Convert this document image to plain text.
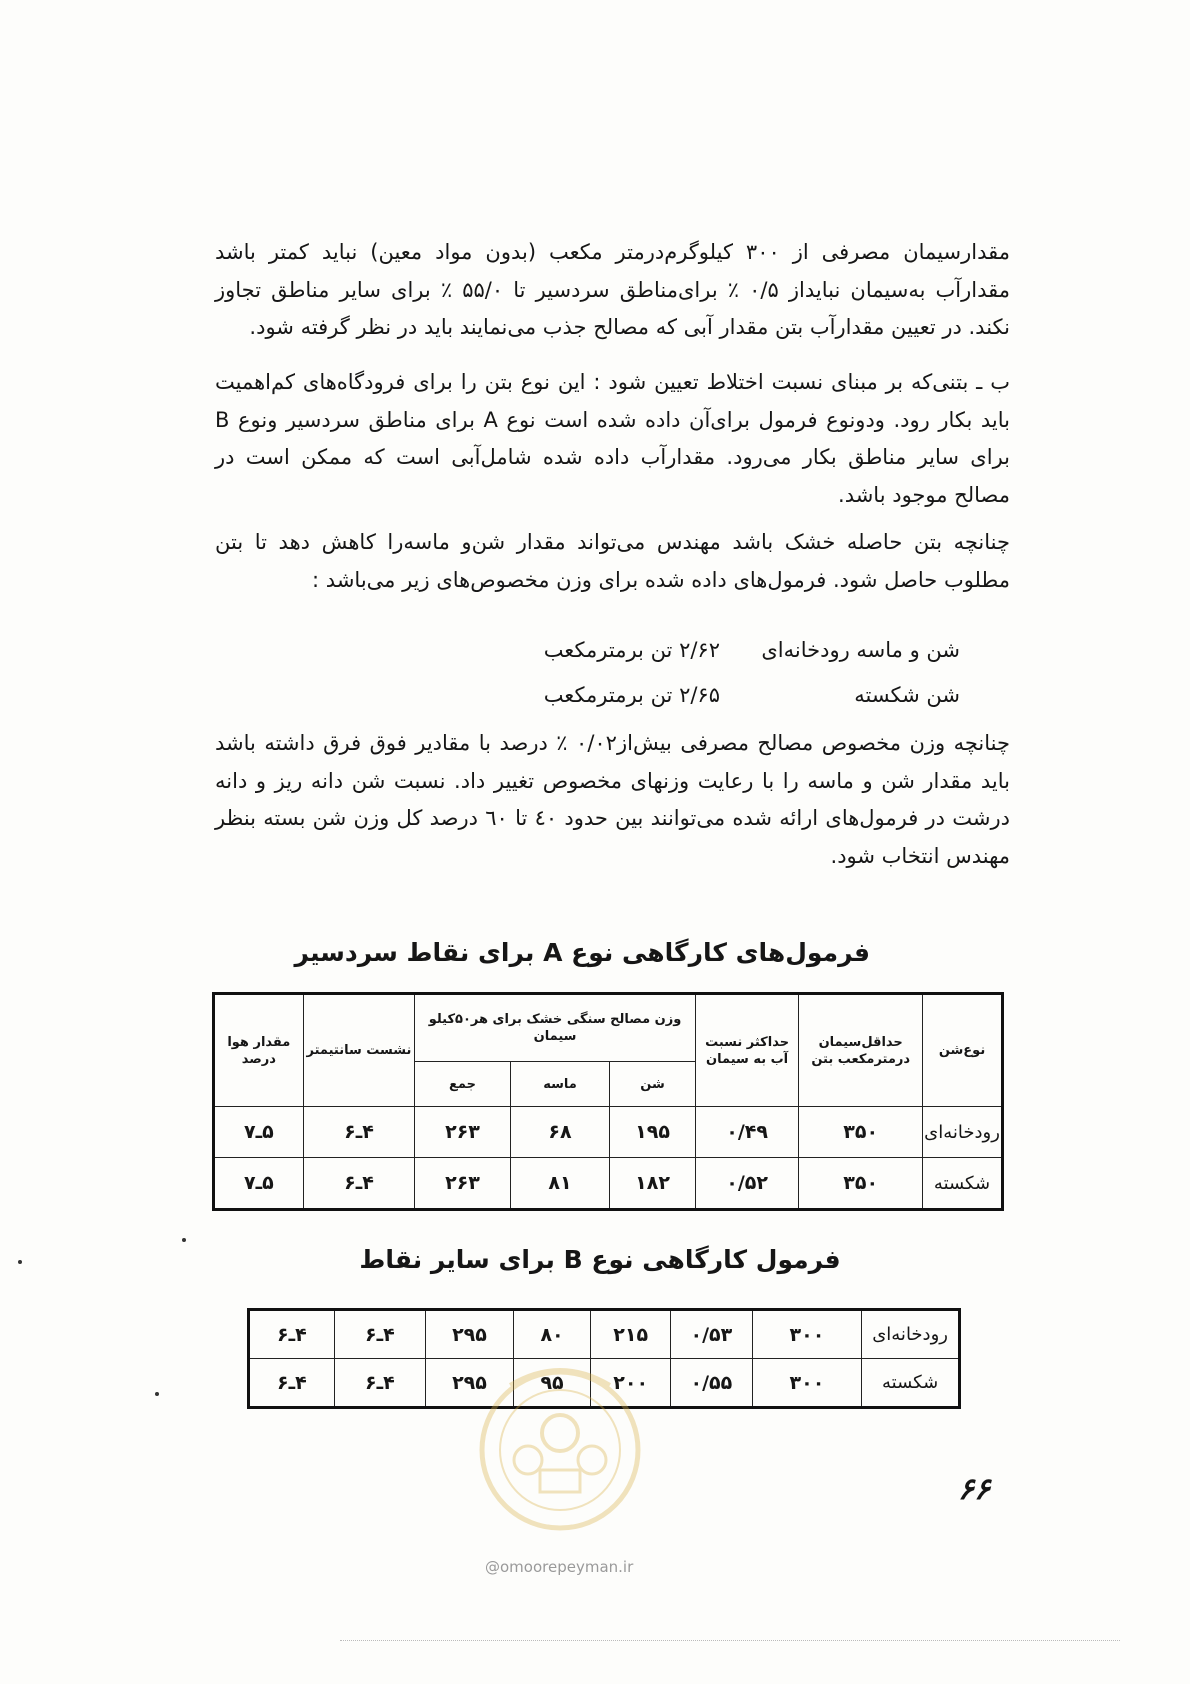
مقدارسیمان مصرفی از ۳۰۰ کیلوگرم‌درمتر مکعب (بدون مواد معین) نباید کمتر باشد مقدارآب به‌سیمان نبایداز ۰/۵ ٪ برای‌مناطق سردسیر تا ۵۵/۰ ٪ برای سایر مناطق تجاوز نکند. در تعیین مقدارآب بتن مقدار آبی که مصالح جذب می‌نمایند باید در نظر گرفته شود.

ب ـ بتنی‌که بر مبنای نسبت اختلاط تعیین شود : این نوع بتن را برای فرودگاه‌های کم‌اهمیت باید بکار رود. ودونوع فرمول برای‌آن داده شده است نوع A برای مناطق سردسیر ونوع B برای سایر مناطق بکار می‌رود. مقدارآب داده شده شامل‌آبی است که ممکن است در مصالح موجود باشد.

چنانچه بتن حاصله خشک باشد مهندس می‌تواند مقدار شن‌و ماسه‌را کاهش دهد تا بتن مطلوب حاصل شود. فرمول‌های داده شده برای وزن مخصوص‌های زیر می‌باشد :

شن و ماسه رودخانه‌ای
۲/۶۲ تن برمترمکعب
شن شکسته
۲/۶۵ تن برمترمکعب

چنانچه وزن مخصوص مصالح مصرفی بیش‌از۰/۰۲ ٪ درصد با مقادیر فوق فرق داشته باشد باید مقدار شن و ماسه را با رعایت وزنهای مخصوص تغییر داد. نسبت شن دانه ریز و دانه درشت در فرمول‌های ارائه شده می‌توانند بین حدود ٤۰ تا ٦۰ درصد کل وزن شن بسته بنظر مهندس انتخاب شود.

فرمول‌های کارگاهی نوع A برای نقاط سردسیر
نوع‌شن	حداقل‌سیمان درمترمکعب بتن	حداکثر نسبت آب به سیمان	وزن مصالح سنگی خشک برای هر۵۰کیلو سیمان			نشست سانتیمتر	مقدار هوا درصد
			شن	ماسه	جمع		
رودخانه‌ای	۳۵۰	۰/۴۹	۱۹۵	۶۸	۲۶۳	۴ـ۶	۵ـ۷
شکسته	۳۵۰	۰/۵۲	۱۸۲	۸۱	۲۶۳	۴ـ۶	۵ـ۷
فرمول کارگاهی نوع B برای سایر نقاط
رودخانه‌ای	۳۰۰	۰/۵۳	۲۱۵	۸۰	۲۹۵	۴ـ۶	۴ـ۶
شکسته	۳۰۰	۰/۵۵	۲۰۰	۹۵	۲۹۵	۴ـ۶	۴ـ۶
۶۶
@omoorepeyman.ir
